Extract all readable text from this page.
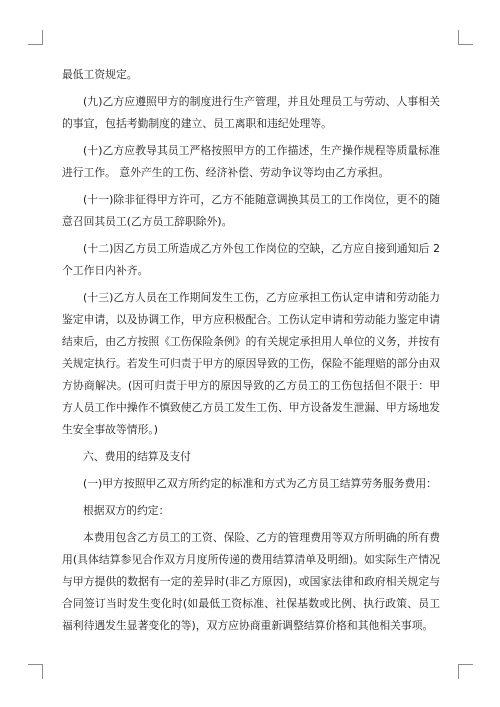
最低工资规定。

(九)乙方应遵照甲方的制度进行生产管理，并且处理员工与劳动、人事相关的事宜，包括考勤制度的建立、员工离职和违纪处理等。

(十)乙方应教导其员工严格按照甲方的工作描述，生产操作规程等质量标准进行工作。 意外产生的工伤、经济补偿、劳动争议等均由乙方承担。

(十一)除非征得甲方许可，乙方不能随意调换其员工的工作岗位，更不的随意召回其员工(乙方员工辞职除外)。

(十二)因乙方员工所造成乙方外包工作岗位的空缺，乙方应自接到通知后 2 个工作日内补齐。

(十三)乙方人员在工作期间发生工伤，乙方应承担工伤认定申请和劳动能力鉴定申请，以及协调工作，甲方应积极配合。工伤认定申请和劳动能力鉴定申请结束后，由乙方按照《工伤保险条例》的有关规定承担用人单位的义务，并按有关规定执行。若发生可归责于甲方的原因导致的工伤，保险不能理赔的部分由双方协商解决。(因可归责于甲方的原因导致的乙方员工的工伤包括但不限于：甲方人员工作中操作不慎致使乙方员工发生工伤、甲方设备发生泄漏、甲方场地发生安全事故等情形。)

六、费用的结算及支付

(一)甲方按照甲乙双方所约定的标准和方式为乙方员工结算劳务服务费用：

根据双方的约定：

本费用包含乙方员工的工资、保险、乙方的管理费用等双方所明确的所有费用(具体结算参见合作双方月度所传递的费用结算清单及明细)。如实际生产情况与甲方提供的数据有一定的差异时(非乙方原因)，或国家法律和政府相关规定与合同签订当时发生变化时(如最低工资标准、社保基数或比例、执行政策、员工福利待遇发生显著变化的等)，双方应协商重新调整结算价格和其他相关事项。
